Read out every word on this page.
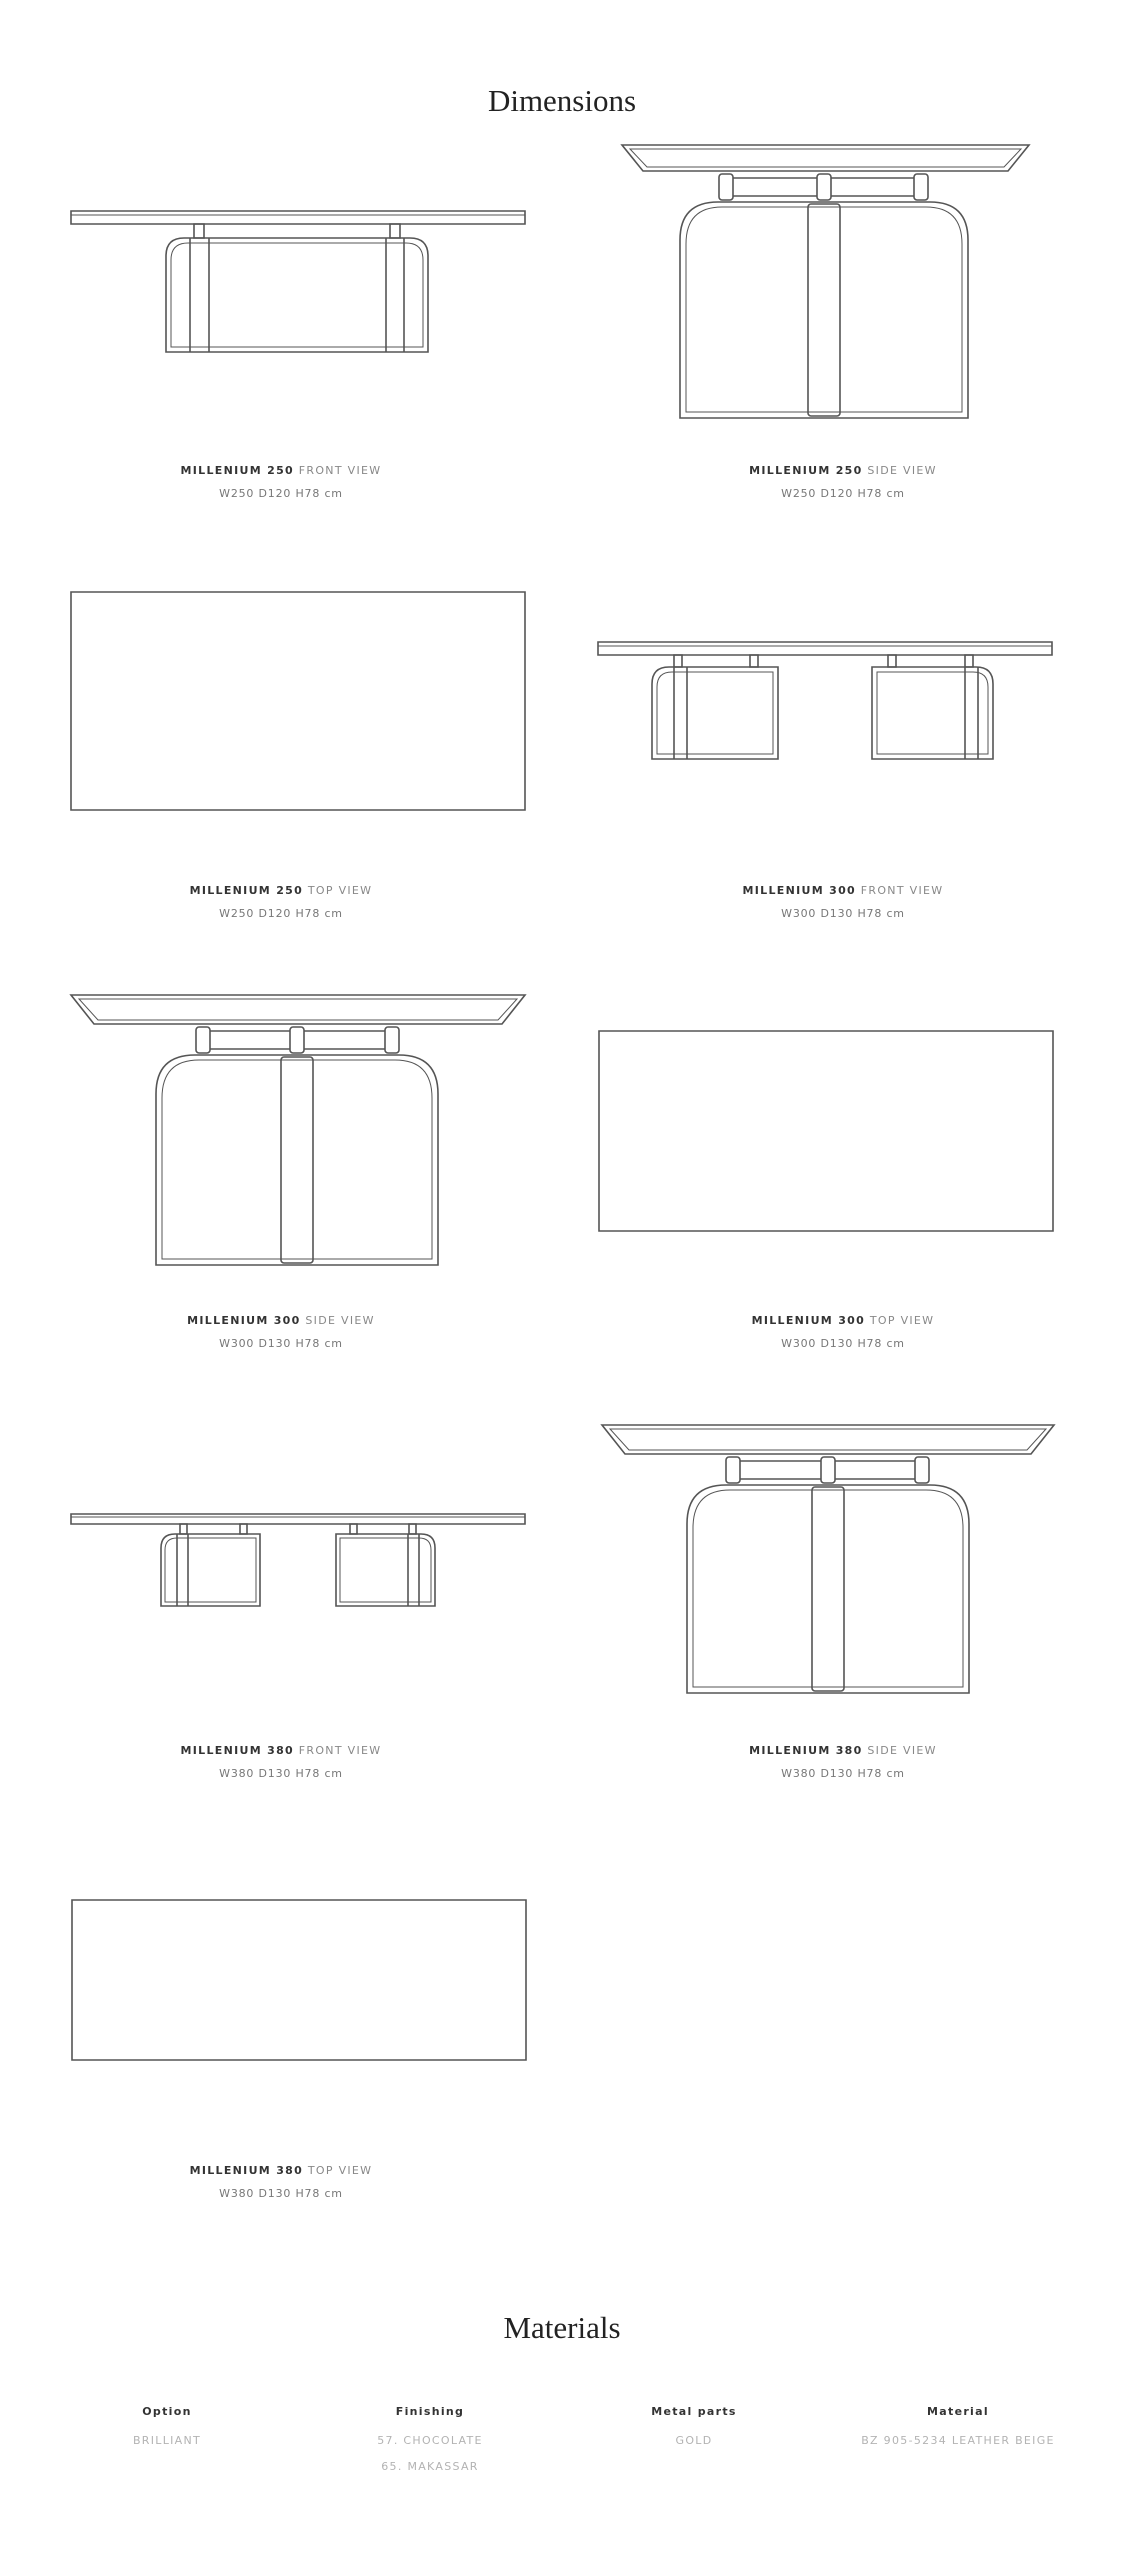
Dimensions
MILLENIUM 250 FRONT VIEW
W250 D120 H78 cm
MILLENIUM 250 SIDE VIEW
W250 D120 H78 cm
MILLENIUM 250 TOP VIEW
W250 D120 H78 cm
MILLENIUM 300 FRONT VIEW
W300 D130 H78 cm
MILLENIUM 300 SIDE VIEW
W300 D130 H78 cm
MILLENIUM 300 TOP VIEW
W300 D130 H78 cm
MILLENIUM 380 FRONT VIEW
W380 D130 H78 cm
MILLENIUM 380 SIDE VIEW
W380 D130 H78 cm
MILLENIUM 380 TOP VIEW
W380 D130 H78 cm
Materials
Option
BRILLIANT
Finishing
57. CHOCOLATE
65. MAKASSAR
Metal parts
GOLD
Material
BZ 905-5234 LEATHER BEIGE
